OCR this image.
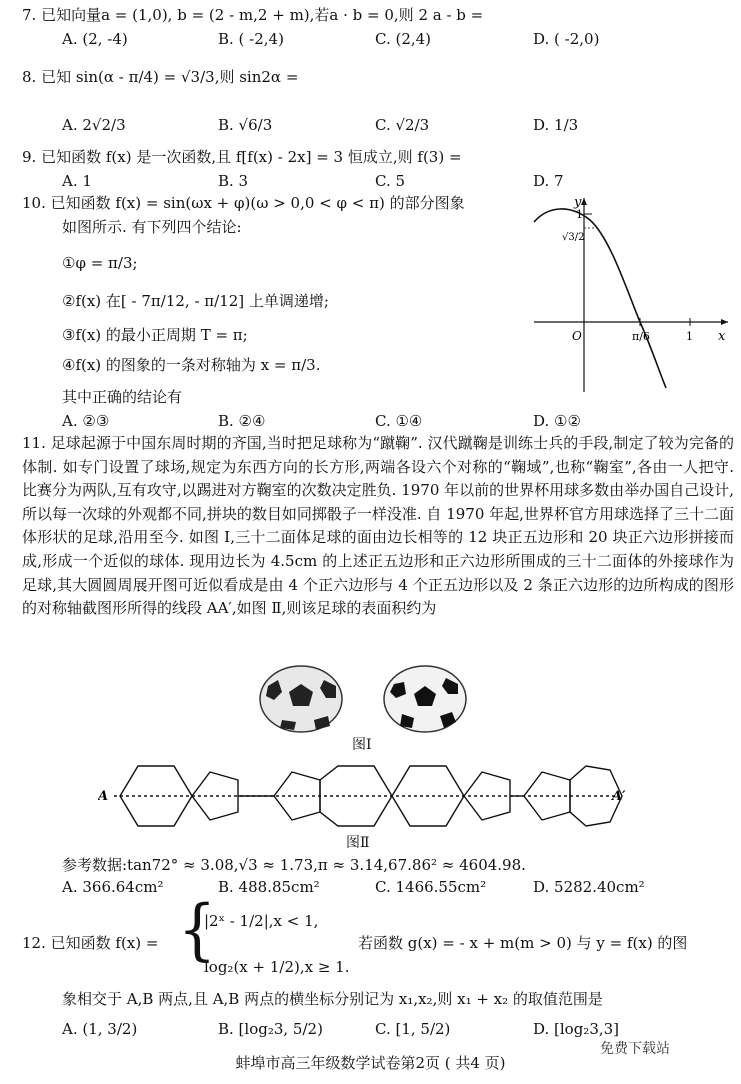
7. 已知向量a = (1,0), b = (2 - m,2 + m),若a · b = 0,则 2 a - b =
A. (2, -4)	B. ( -2,4)	C. (2,4)	D. ( -2,0)
8. 已知 sin(α - π/4) = √3/3,则 sin2α =
A. 2√2/3	B. √6/3	C. √2/3	D. 1/3
9. 已知函数 f(x) 是一次函数,且 f[f(x) - 2x] = 3 恒成立,则 f(3) =
A. 1	B. 3	C. 5	D. 7
10. 已知函数 f(x) = sin(ωx + φ)(ω > 0,0 < φ < π) 的部分图象
如图所示. 有下列四个结论:
①φ = π/3;
②f(x) 在[ - 7π/12, - π/12] 上单调递增;
③f(x) 的最小正周期 T = π;
④f(x) 的图象的一条对称轴为 x = π/3.
其中正确的结论有
A. ②③	B. ②④	C. ①④	D. ①②
y
x
O
1
√3/2
π/6	1
11. 足球起源于中国东周时期的齐国,当时把足球称为“蹴鞠”. 汉代蹴鞠是训练士兵的手段,制定了较为完备的体制. 如专门设置了球场,规定为东西方向的长方形,两端各设六个对称的“鞠域”,也称“鞠室”,各由一人把守. 比赛分为两队,互有攻守,以踢进对方鞠室的次数决定胜负. 1970 年以前的世界杯用球多数由举办国自己设计,所以每一次球的外观都不同,拼块的数目如同掷骰子一样没准. 自 1970 年起,世界杯官方用球选择了三十二面体形状的足球,沿用至今. 如图 Ⅰ,三十二面体足球的面由边长相等的 12 块正五边形和 20 块正六边形拼接而成,形成一个近似的球体. 现用边长为 4.5cm 的上述正五边形和正六边形所围成的三十二面体的外接球作为足球,其大圆圆周展开图可近似看成是由 4 个正六边形与 4 个正五边形以及 2 条正六边形的边所构成的图形的对称轴截图形所得的线段 AA′,如图 Ⅱ,则该足球的表面积约为
图Ⅰ
A	A′
图Ⅱ
参考数据:tan72° ≈ 3.08,√3 ≈ 1.73,π ≈ 3.14,67.86² ≈ 4604.98.
A. 366.64cm²	B. 488.85cm²	C. 1466.55cm²	D. 5282.40cm²
12. 已知函数 f(x) = {
|2ˣ - 1/2|,x < 1,
log₂(x + 1/2),x ≥ 1.
若函数 g(x) = - x + m(m > 0) 与 y = f(x) 的图
象相交于 A,B 两点,且 A,B 两点的横坐标分别记为 x₁,x₂,则 x₁ + x₂ 的取值范围是
A. (1, 3/2)	B. [log₂3, 5/2)	C. [1, 5/2)	D. [log₂3,3]
蚌埠市高三年级数学试卷第2页 ( 共4 页)
免费下载站
